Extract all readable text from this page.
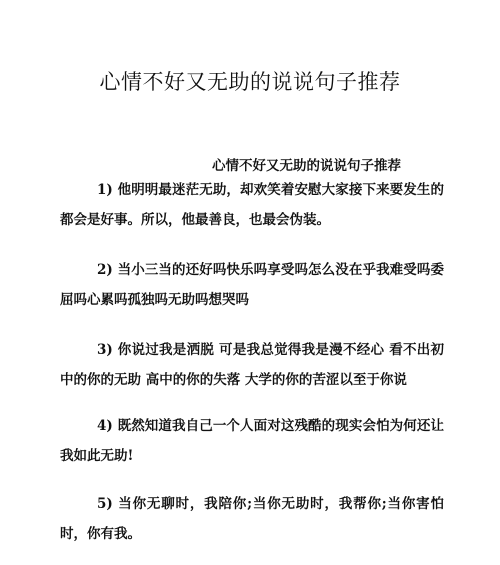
心情不好又无助的说说句子推荐

心情不好又无助的说说句子推荐

1) 他明明最迷茫无助，却欢笑着安慰大家接下来要发生的都会是好事。所以，他最善良，也最会伪装。

2) 当小三当的还好吗快乐吗享受吗怎么没在乎我难受吗委屈吗心累吗孤独吗无助吗想哭吗

3) 你说过我是洒脱 可是我总觉得我是漫不经心 看不出初中的你的无助 高中的你的失落 大学的你的苦涩以至于你说

4) 既然知道我自己一个人面对这残酷的现实会怕为何还让我如此无助!

5) 当你无聊时，我陪你;当你无助时，我帮你;当你害怕时，你有我。
